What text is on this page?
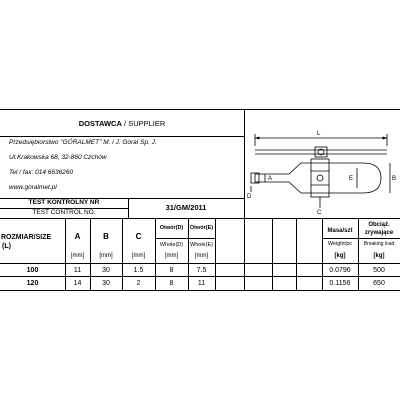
DOSTAWCA / SUPPLIER
Przedsiębiorstwo "GÓRALMET" M. i J. Góral Sp. J.
Ul.Krakowska 68, 32-860 Czchów
Tel / fax: 014 6636260
www.goralmet.pl
TEST KONTROLNY NR
TEST CONTROL NO.
31/GM/2011
L
A	E	B
C
D
ROZMIAR/SIZE
(L)
A	B	C
Otwór(D)	Otwór(E)
Whole(D)	Whole(E)
[mm]	[mm]	[mm]	[mm]	[mm]
Masa/szt
Weight/pc
[kg]
Obciąż.
zrywające
Breaking load
[kg]
100	11	30	1.5	8	7.5	0.0796	500
120	14	30	2	8	11	0.1156	650
